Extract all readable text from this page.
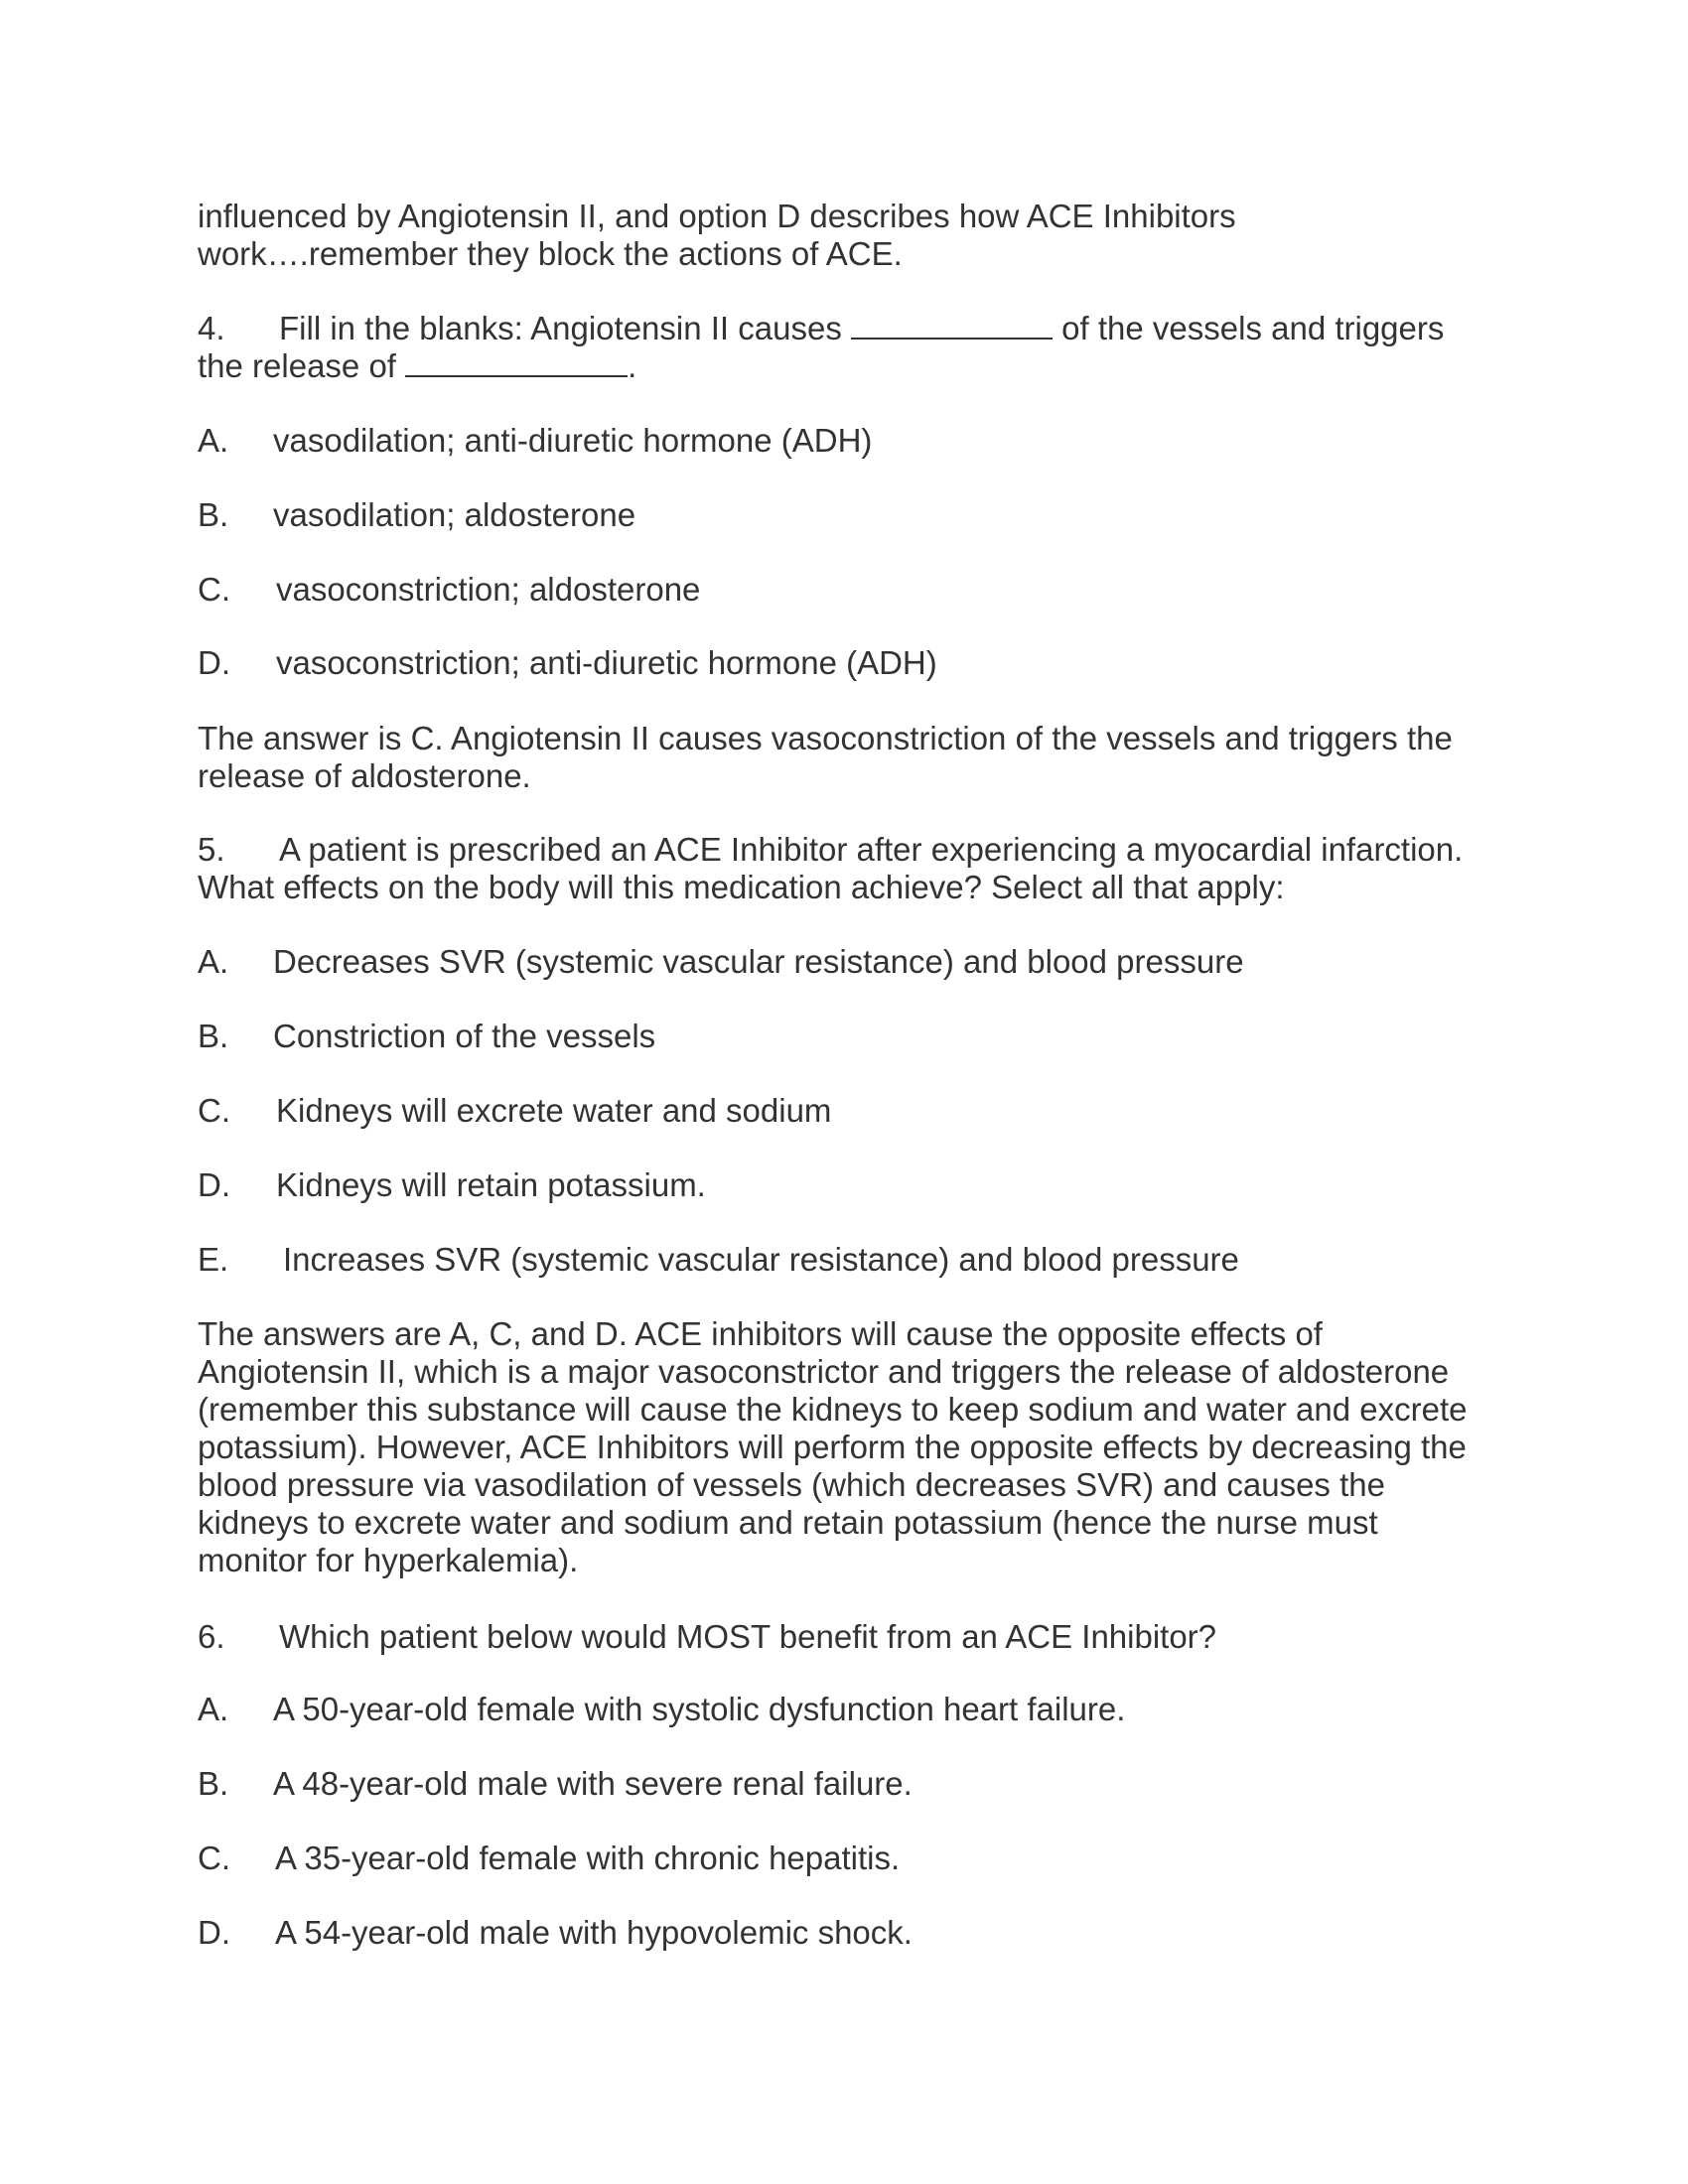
influenced by Angiotensin II, and option D describes how ACE Inhibitors
work….remember they block the actions of ACE.
4. Fill in the blanks: Angiotensin II causes	of the vessels and triggers
the release of	.
A. vasodilation; anti-diuretic hormone (ADH)
B. vasodilation; aldosterone
C. vasoconstriction; aldosterone
D. vasoconstriction; anti-diuretic hormone (ADH)
The answer is C. Angiotensin II causes vasoconstriction of the vessels and triggers the
release of aldosterone.
5. A patient is prescribed an ACE Inhibitor after experiencing a myocardial infarction.
What effects on the body will this medication achieve? Select all that apply:
A. Decreases SVR (systemic vascular resistance) and blood pressure
B. Constriction of the vessels
C. Kidneys will excrete water and sodium
D. Kidneys will retain potassium.
E. Increases SVR (systemic vascular resistance) and blood pressure
The answers are A, C, and D. ACE inhibitors will cause the opposite effects of
Angiotensin II, which is a major vasoconstrictor and triggers the release of aldosterone
(remember this substance will cause the kidneys to keep sodium and water and excrete
potassium). However, ACE Inhibitors will perform the opposite effects by decreasing the
blood pressure via vasodilation of vessels (which decreases SVR) and causes the
kidneys to excrete water and sodium and retain potassium (hence the nurse must
monitor for hyperkalemia).
6. Which patient below would MOST benefit from an ACE Inhibitor?
A. A 50-year-old female with systolic dysfunction heart failure.
B. A 48-year-old male with severe renal failure.
C. A 35-year-old female with chronic hepatitis.
D. A 54-year-old male with hypovolemic shock.
